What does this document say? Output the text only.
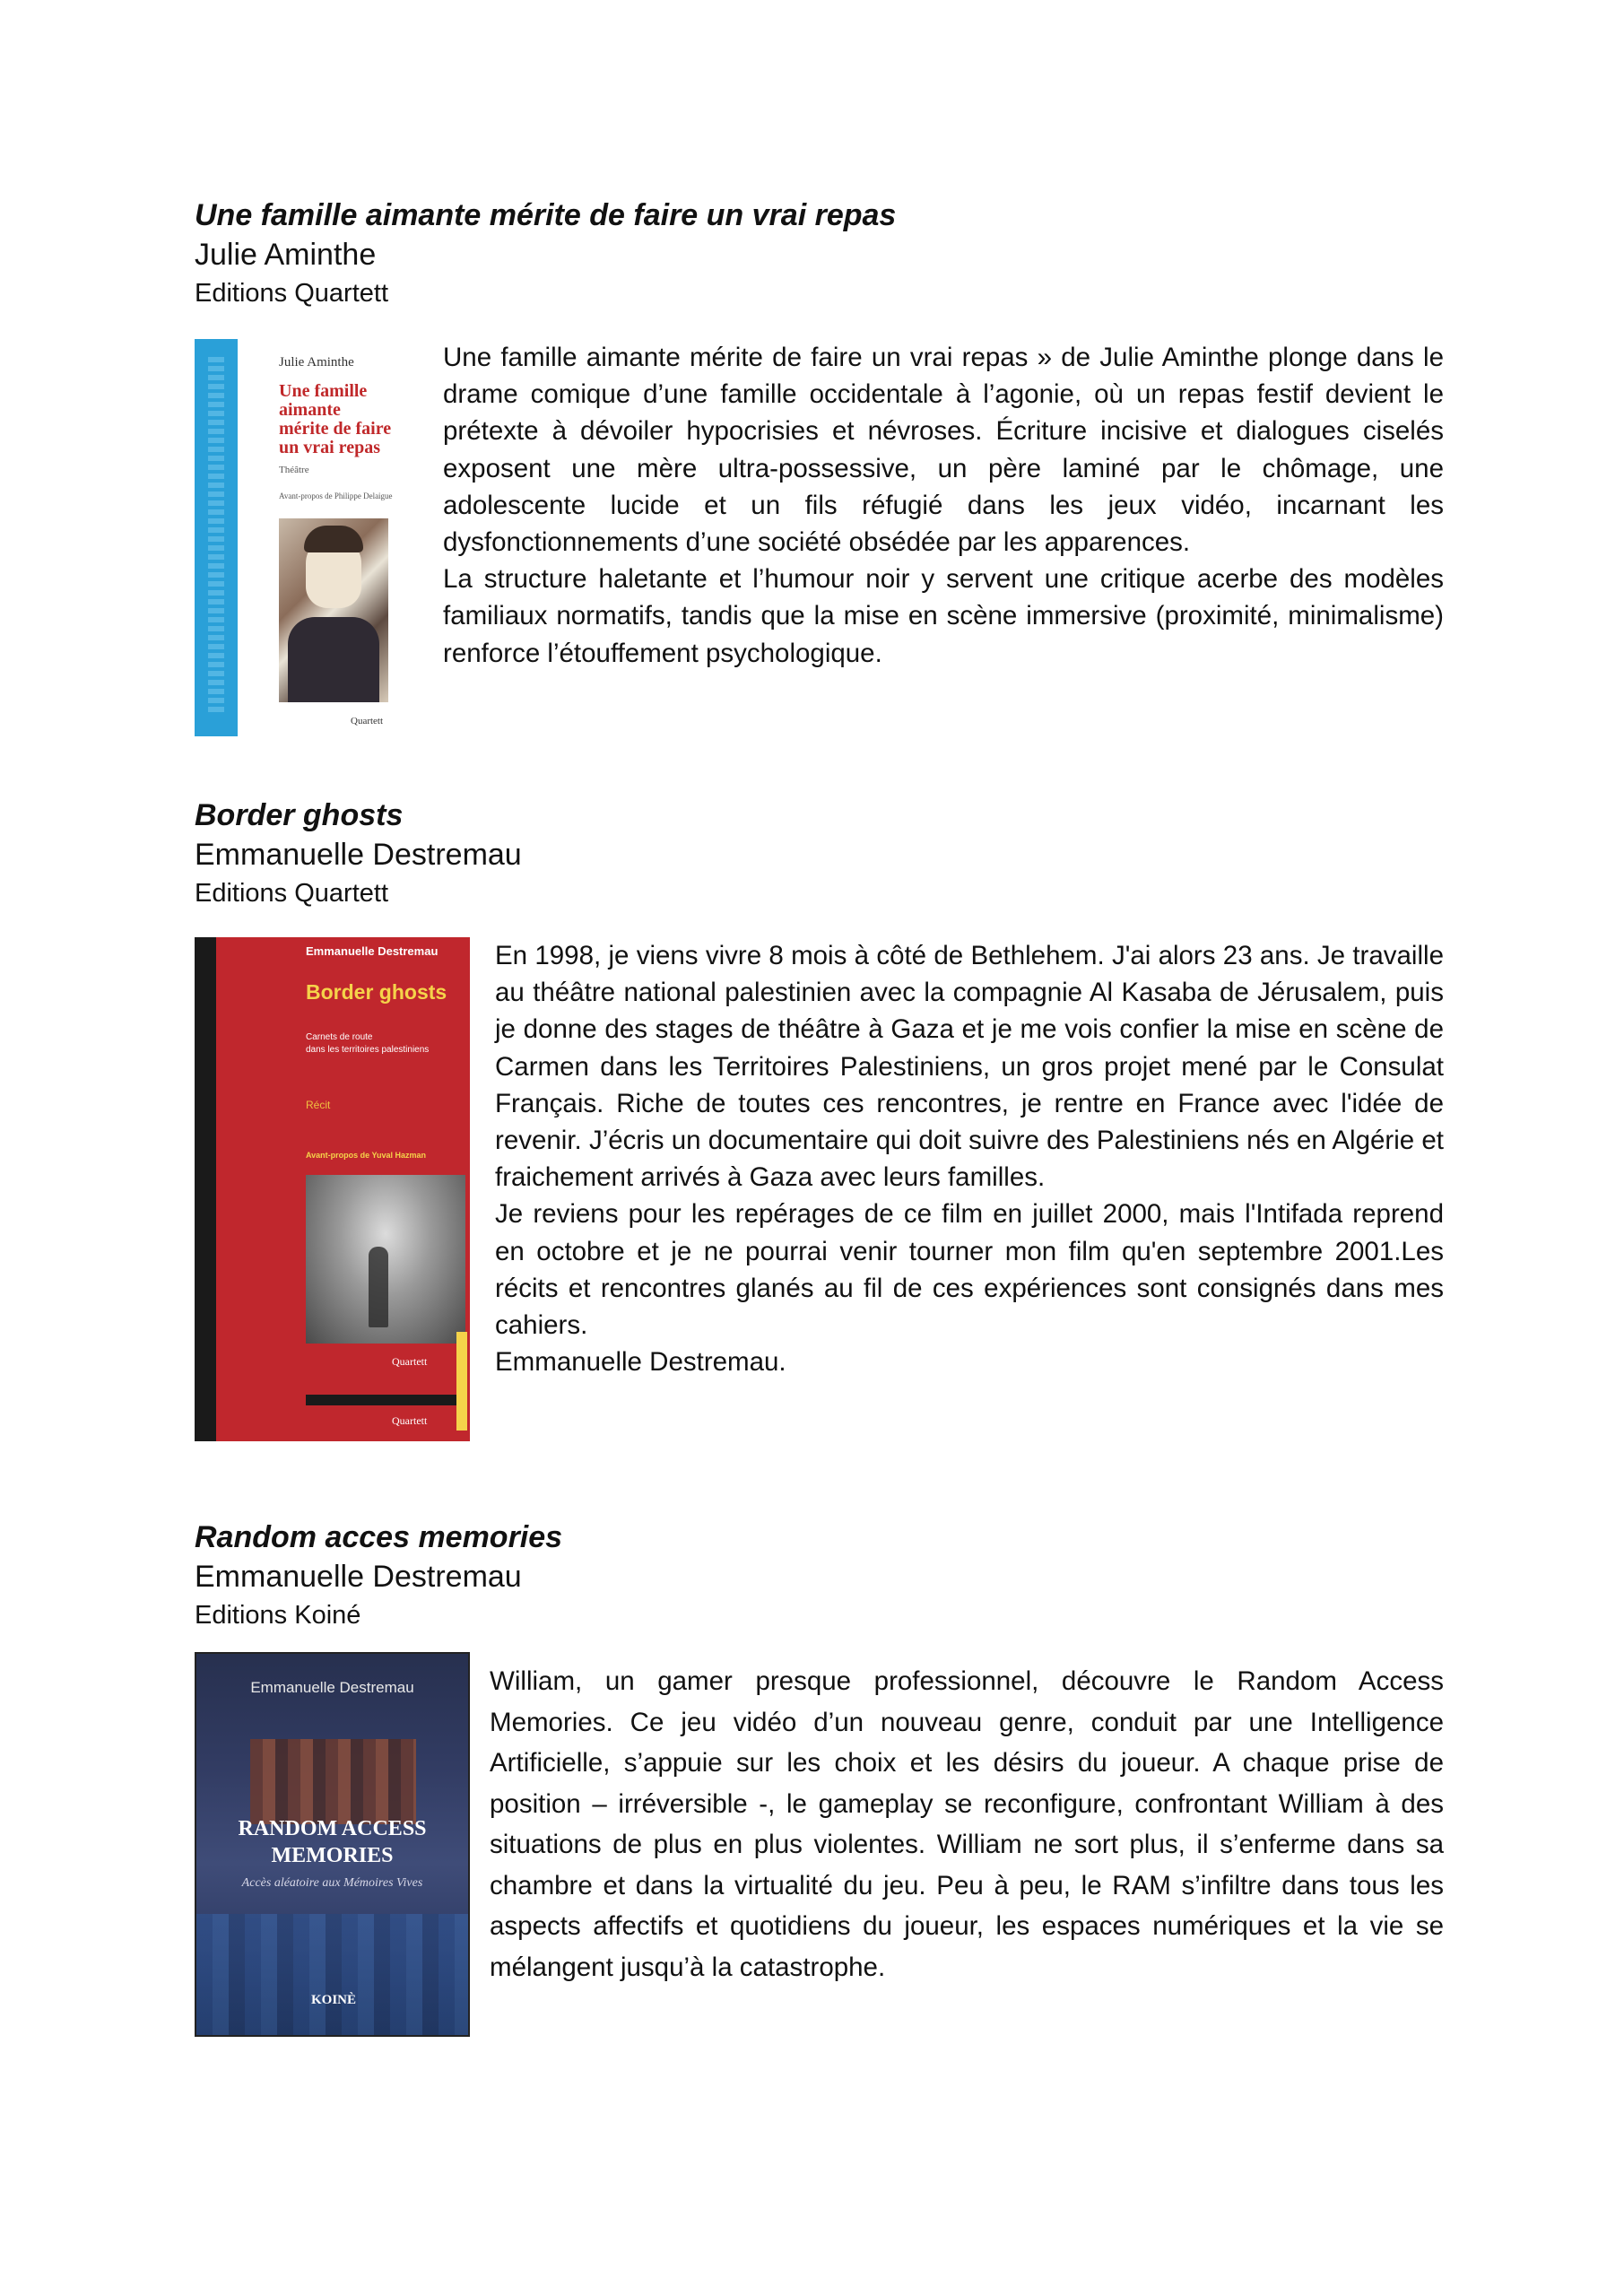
Une famille aimante mérite de faire un vrai repas
Julie Aminthe
Editions Quartett
Julie Aminthe
Une famille aimante
mérite de faire
un vrai repas
Théâtre
Avant-propos de Philippe Delaigue
Quartett

Une famille aimante mérite de faire un vrai repas » de Julie Aminthe plonge dans le drame comique d’une famille occidentale à l’agonie, où un repas festif devient le prétexte à dévoiler hypocrisies et névroses. Écriture incisive et dialogues ciselés exposent une mère ultra-possessive, un père laminé par le chômage, une adolescente lucide et un fils réfugié dans les jeux vidéo, incarnant les dysfonctionnements d’une société obsédée par les apparences.

La structure haletante et l’humour noir y servent une critique acerbe des modèles familiaux normatifs, tandis que la mise en scène immersive (proximité, minimalisme) renforce l’étouffement psychologique.

Border ghosts
Emmanuelle Destremau
Editions Quartett
Emmanuelle Destremau
Border ghosts
Carnets de route
dans les territoires palestiniens
Récit
Avant-propos de Yuval Hazman
Quartett
Quartett

En 1998, je viens vivre 8 mois à côté de Bethlehem. J'ai alors 23 ans. Je travaille au théâtre national palestinien avec la compagnie Al Kasaba de Jérusalem, puis je donne des stages de théâtre à Gaza et je me vois confier la mise en scène de Carmen dans les Territoires Palestiniens, un gros projet mené par le Consulat Français. Riche de toutes ces rencontres, je rentre en France avec l'idée de revenir. J’écris un documentaire qui doit suivre des Palestiniens nés en Algérie et fraichement arrivés à Gaza avec leurs familles.

Je reviens pour les repérages de ce film en juillet 2000, mais l'Intifada reprend en octobre et je ne pourrai venir tourner mon film qu'en septembre 2001.Les récits et rencontres glanés au fil de ces expériences sont consignés dans mes cahiers.

Emmanuelle Destremau.

Random acces memories
Emmanuelle Destremau
Editions Koiné
Emmanuelle Destremau
RANDOM ACCESS
MEMORIES
Accès aléatoire aux Mémoires Vives
KOINÈ

William, un gamer presque professionnel, découvre le Random Access Memories. Ce jeu vidéo d’un nouveau genre, conduit par une Intelligence Artificielle, s’appuie sur les choix et les désirs du joueur. A chaque prise de position – irréversible -, le gameplay se reconfigure, confrontant William à des situations de plus en plus violentes. William ne sort plus, il s’enferme dans sa chambre et dans la virtualité du jeu. Peu à peu, le RAM s’infiltre dans tous les aspects affectifs et quotidiens du joueur, les espaces numériques et la vie se mélangent jusqu’à la catastrophe.
